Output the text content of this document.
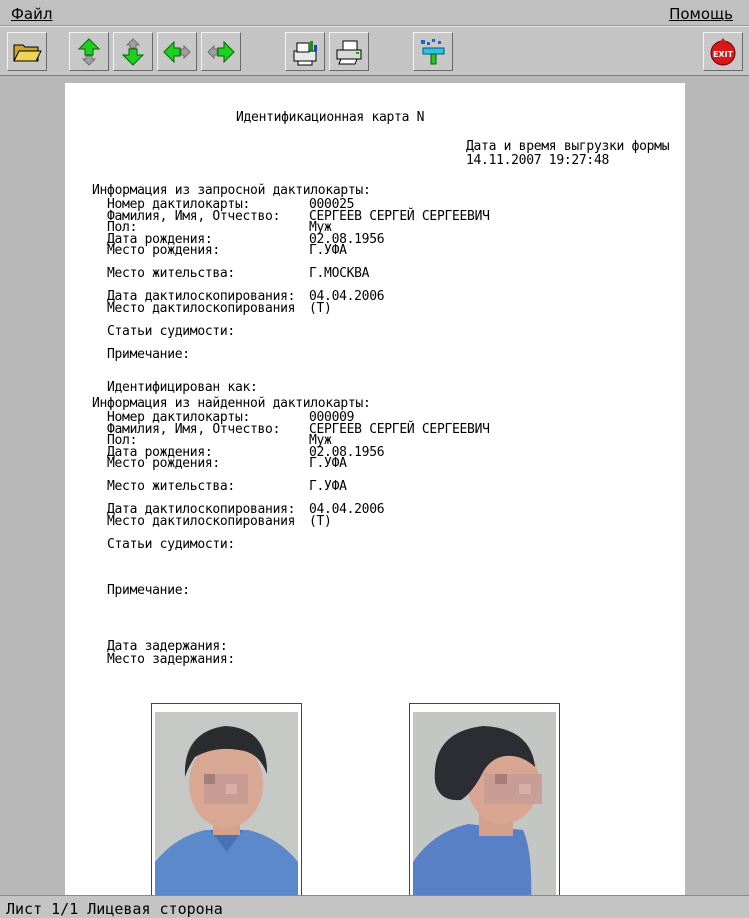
Файл	Помощь
EXIT
Идентификационная карта N
Дата и время выгрузки формы
14.11.2007 19:27:48
Информация из запросной дактилокарты:
Номер дактилокарты:	000025
Фамилия, Имя, Отчество: СЕРГЕЕВ СЕРГЕЙ СЕРГЕЕВИЧ
Пол:	Муж
Дата рождения:	02.08.1956
Место рождения:	Г.УФА
Место жительства:	Г.МОСКВА
Дата дактилоскопирования: 04.04.2006
Место дактилоскопирования (Т)
Статьи судимости:
Примечание:
Идентифицирован как:
Информация из найденной дактилокарты:
Номер дактилокарты:	000009
Фамилия, Имя, Отчество: СЕРГЕЕВ СЕРГЕЙ СЕРГЕЕВИЧ
Пол:	Муж
Дата рождения:	02.08.1956
Место рождения:	Г.УФА
Место жительства:	Г.УФА
Дата дактилоскопирования: 04.04.2006
Место дактилоскопирования (Т)
Статьи судимости:
Примечание:
Дата задержания:
Место задержания:
Лист 1/1 Лицевая сторона
